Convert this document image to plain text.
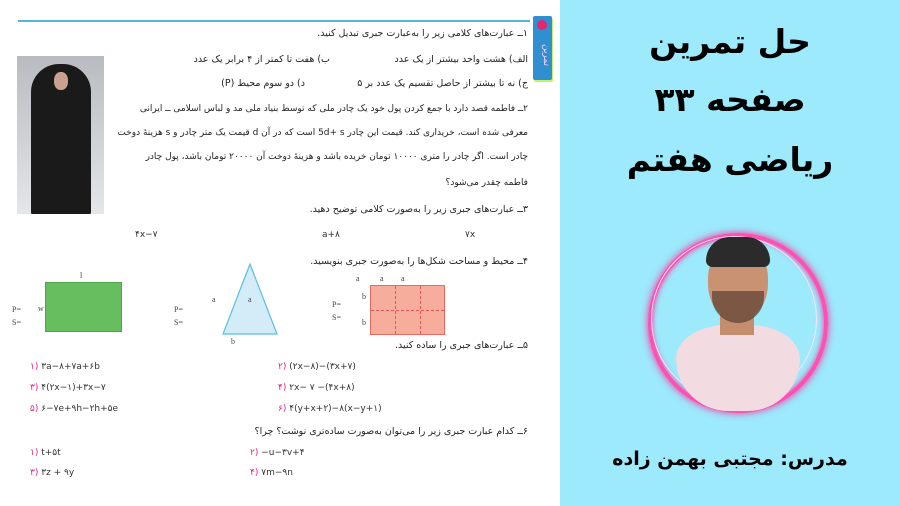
تمرین
۱ــ عبارت‌های کلامی زیر را به‌عبارت جبری تبدیل کنید.
الف) هشت واحد بیشتر از یک عدد
ب) هفت تا کمتر از ۴ برابر یک عدد
ج) نه تا بیشتر از حاصل تقسیم یک عدد بر ۵
د) دو سوم محیط (P)
۲ــ فاطمه قصد دارد با جمع کردن پول خود یک چادر ملی که توسط بنیاد ملی مد و لباس اسلامی ــ ایرانی
معرفی شده است، خریداری کند. قیمت این چادر 5d+ s است که در آن d قیمت یک متر چادر و s هزینهٔ دوخت
چادر است. اگر چادر را متری ۱۰۰۰۰ تومان خریده باشد و هزینهٔ دوخت آن ۲۰۰۰۰ تومان باشد، پول چادر
فاطمه چقدر می‌شود؟
۳ــ عبارت‌های جبری زیر را به‌صورت کلامی توضیح دهید.
۴x−۷	a+۸	۷x
۴ــ محیط و مساحت شکل‌ها را به‌صورت جبری بنویسید.
P=
S=
w
l
P=
S=
a	a
b
P=
S=
a	a a
b
b
۵ــ عبارت‌های جبری را ساده کنید.
۱) ۳a−۸+۷a+۶b	۲) (۲x−۸)−(۳x+۷)
۳) ۴(۲x−۱)+۳x−۷	۴) ۲x− ۷ −(۴x+۸)
۵) ۶−۷e+۹h−۲h+۵e	۶) ۴(y+x+۲)−۸(x−y+۱)
۶ــ کدام عبارت جبری زیر را می‌توان به‌صورت ساده‌تری نوشت؟ چرا؟
۱) t+۵t	۲) −u−۳v+۴
۳) ۳z + ۹y	۴) ۷m−۹n
حل تمرین
صفحه ۳۳
ریاضی هفتم
مدرس: مجتبی بهمن زاده
